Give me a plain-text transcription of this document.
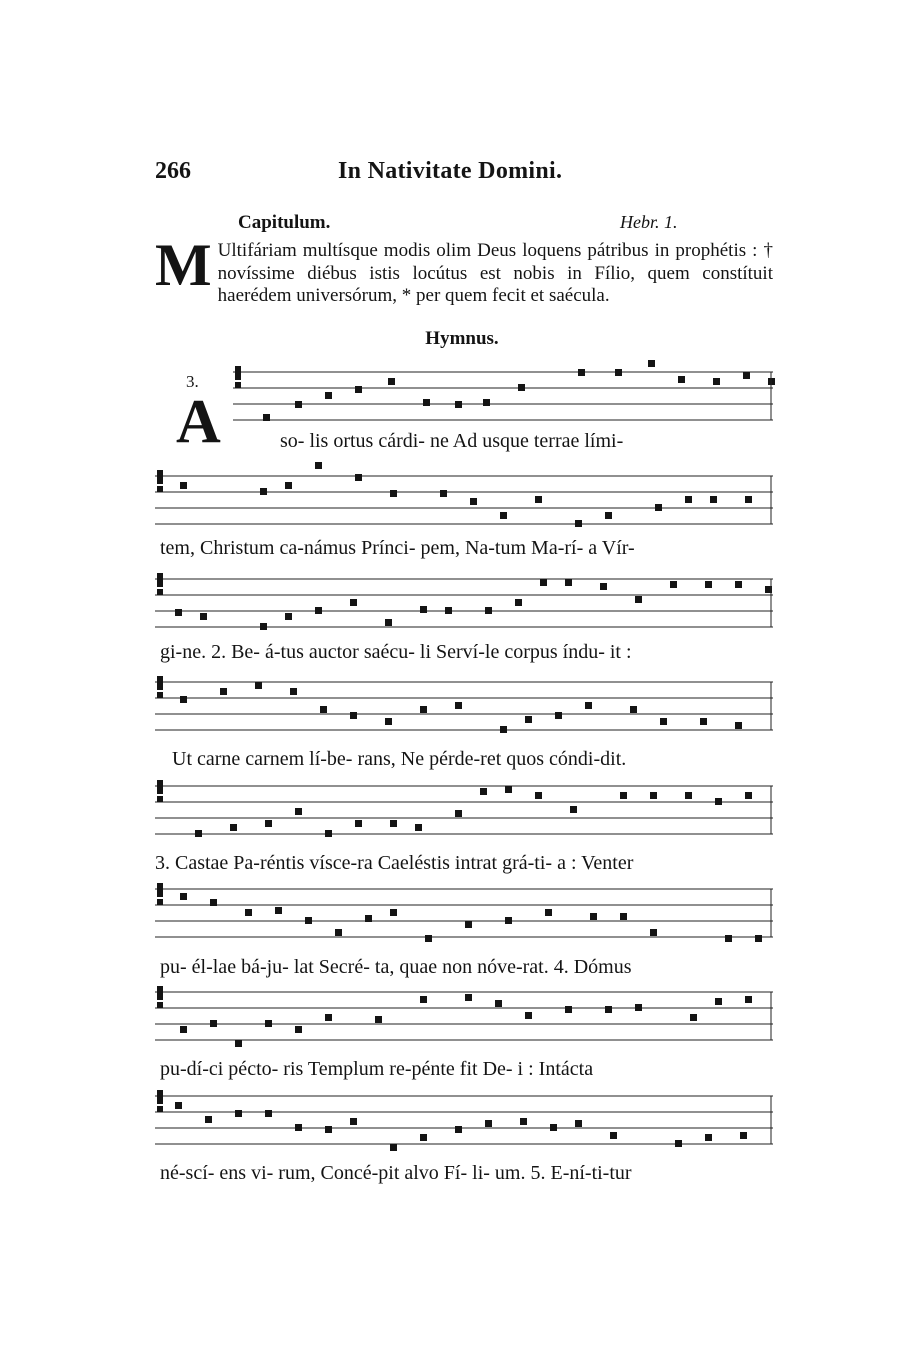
266	In Nativitate Domini.
Capitulum.	Hebr. 1.
M Ultifáriam multísque modis olim Deus loquens pátribus in prophétis : † novíssime diébus istis locútus est nobis in Fílio, quem constítuit haerédem universórum, * per quem fecit et saécula.

Hymnus.
3.
A	so- lis ortus cárdi- ne Ad usque terrae lími-
tem, Christum ca-námus Prínci- pem, Na-tum Ma-rí- a Vír-
gi-ne. 2. Be- á-tus auctor saécu- li Serví-le corpus índu- it :
Ut carne carnem lí-be- rans, Ne pérde-ret quos cóndi-dit.
3. Castae Pa-réntis vísce-ra Caeléstis intrat grá-ti- a : Venter
pu- él-lae bá-ju- lat Secré- ta, quae non nóve-rat. 4. Dómus
pu-dí-ci pécto- ris Templum re-pénte fit De- i : Intácta
né-scí- ens vi- rum, Concé-pit alvo Fí- li- um. 5. E-ní-ti-tur
